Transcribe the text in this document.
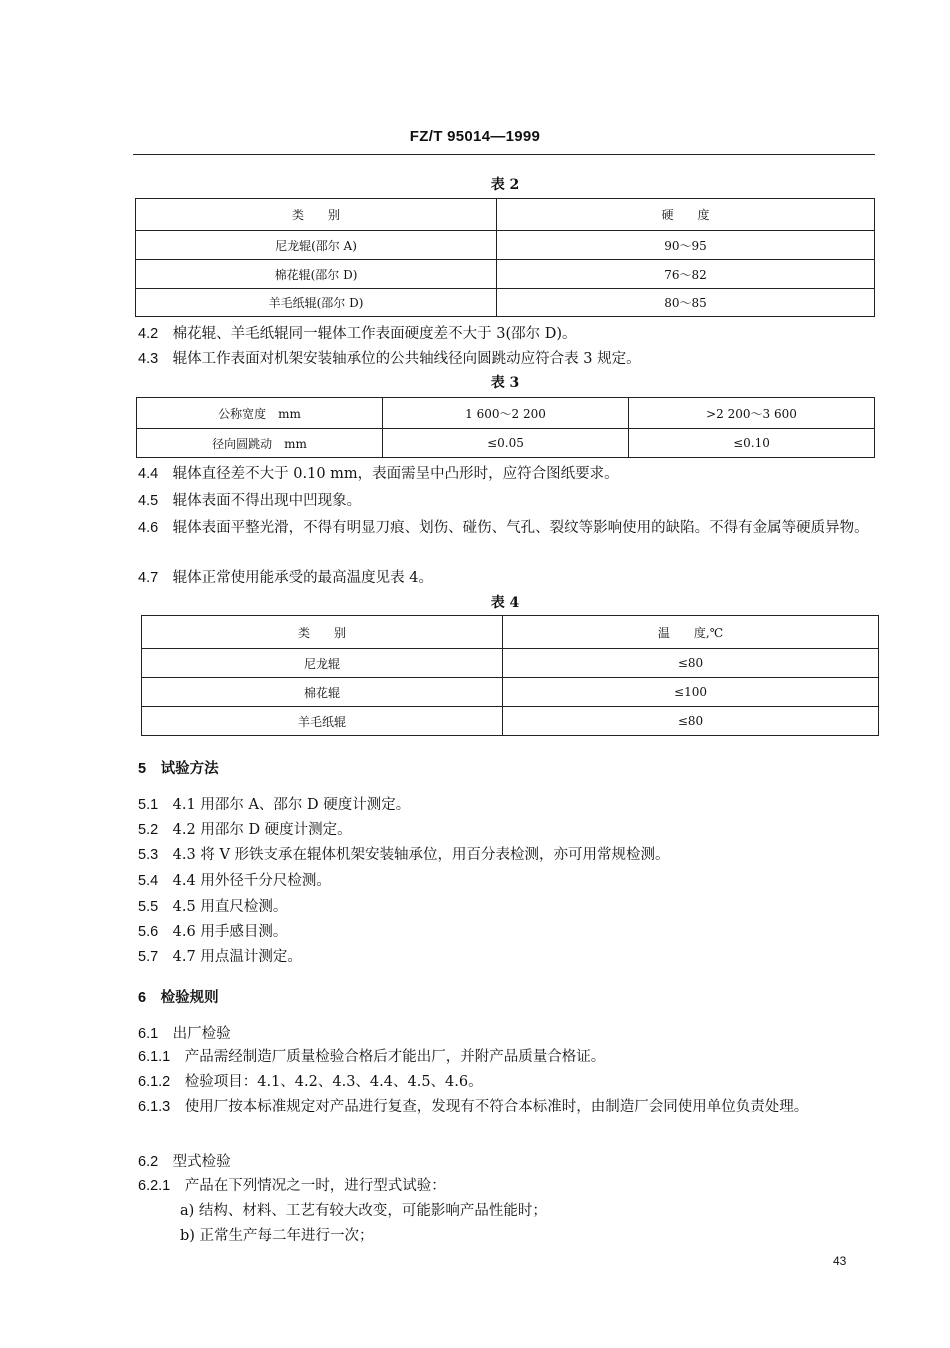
FZ/T 95014—1999
表 2
类　　别	硬　　度
尼龙辊(邵尔 A)	90～95
棉花辊(邵尔 D)	76～82
羊毛纸辊(邵尔 D)	80～85
4.2　 棉花辊、羊毛纸辊同一辊体工作表面硬度差不大于 3(邵尔 D)。
4.3　 辊体工作表面对机架安装轴承位的公共轴线径向圆跳动应符合表 3 规定。
表 3
公称宽度　mm	1 600～2 200	>2 200～3 600
径向圆跳动　mm	≤0.05	≤0.10
4.4　 辊体直径差不大于 0.10 mm，表面需呈中凸形时，应符合图纸要求。
4.5　 辊体表面不得出现中凹现象。
4.6　 辊体表面平整光滑，不得有明显刀痕、划伤、碰伤、气孔、裂纹等影响使用的缺陷。不得有金属等硬质异物。
4.7　 辊体正常使用能承受的最高温度见表 4。
表 4
类　　别	温　　度,℃
尼龙辊	≤80
棉花辊	≤100
羊毛纸辊	≤80
5　 试验方法
5.1　 4.1 用邵尔 A、邵尔 D 硬度计测定。
5.2　 4.2 用邵尔 D 硬度计测定。
5.3　 4.3 将 V 形铁支承在辊体机架安装轴承位，用百分表检测，亦可用常规检测。
5.4　 4.4 用外径千分尺检测。
5.5　 4.5 用直尺检测。
5.6　 4.6 用手感目测。
5.7　 4.7 用点温计测定。
6　 检验规则
6.1　 出厂检验
6.1.1　 产品需经制造厂质量检验合格后才能出厂，并附产品质量合格证。
6.1.2　 检验项目：4.1、4.2、4.3、4.4、4.5、4.6。
6.1.3　 使用厂按本标准规定对产品进行复查，发现有不符合本标准时，由制造厂会同使用单位负责处理。
6.2　 型式检验
6.2.1　 产品在下列情况之一时，进行型式试验：
a) 结构、材料、工艺有较大改变，可能影响产品性能时；
b) 正常生产每二年进行一次；
43
